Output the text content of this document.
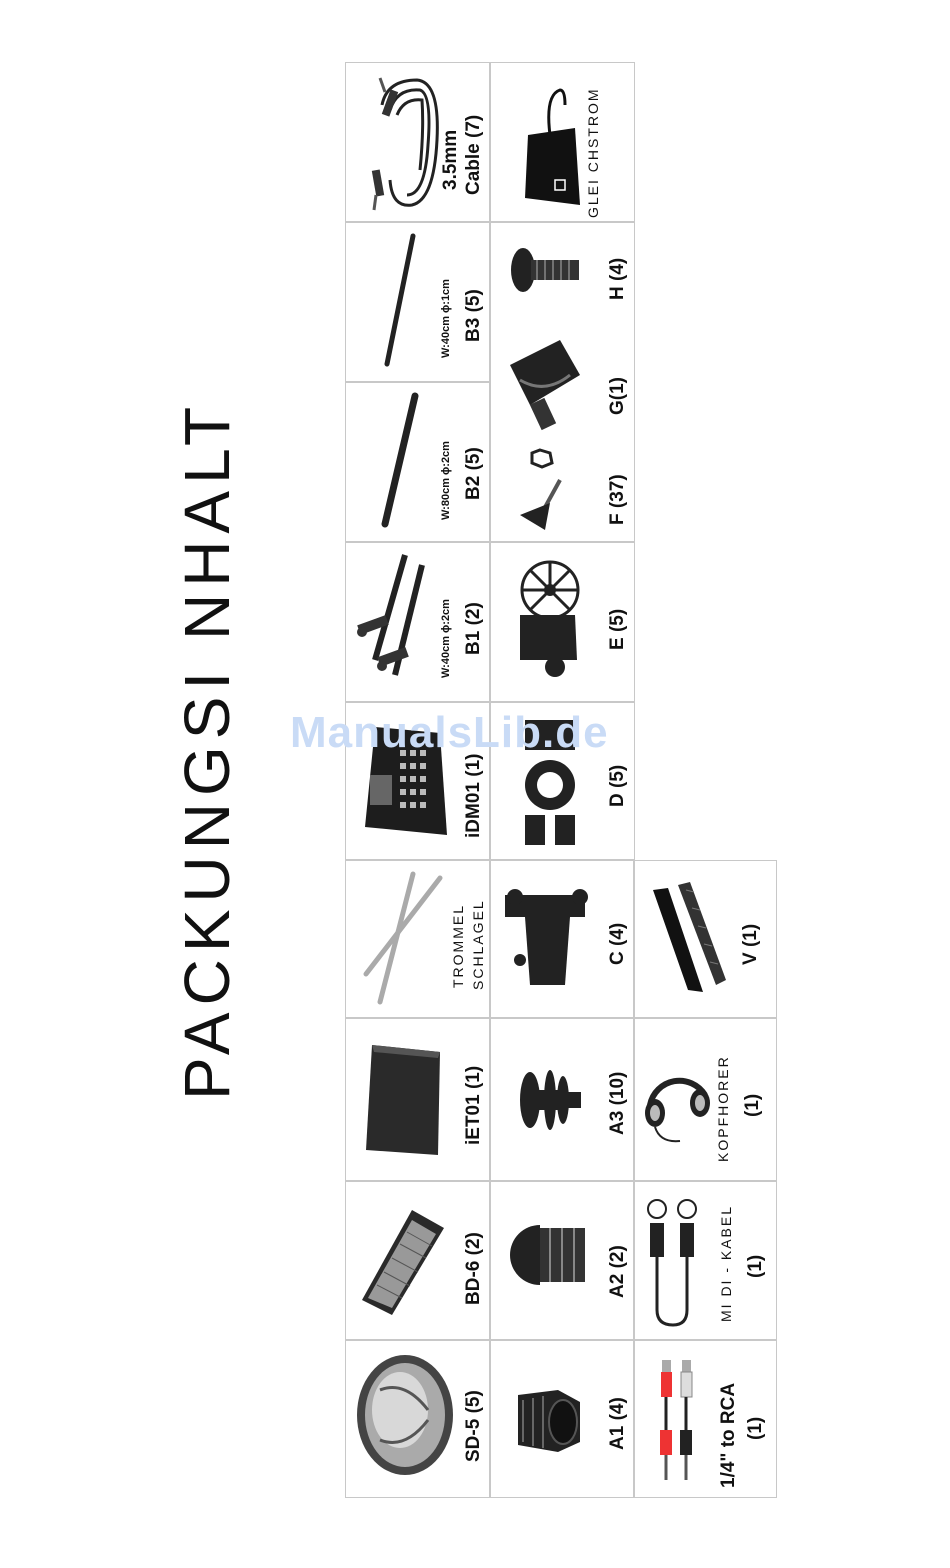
PACKUNGSI NHALT
3.5mm Cable (7)
W:40cm ϕ:1cm B3 (5)
W:80cm ϕ:2cm B2 (5)
W:40cm ϕ:2cm B1 (2)
iDM01 (1)
TROMMEL SCHLAGEL
iET01 (1)
BD-6 (2)
SD-5 (5)
GLEI CHSTROM
H (4)
G(1)
F (37)
E (5)
D (5)
C (4)
A3 (10)
A2 (2)
A1 (4)
V (1)
KOPFHORER (1)
MI DI - KABEL (1)
1/4" to RCA (1)
ManualsLib.de
